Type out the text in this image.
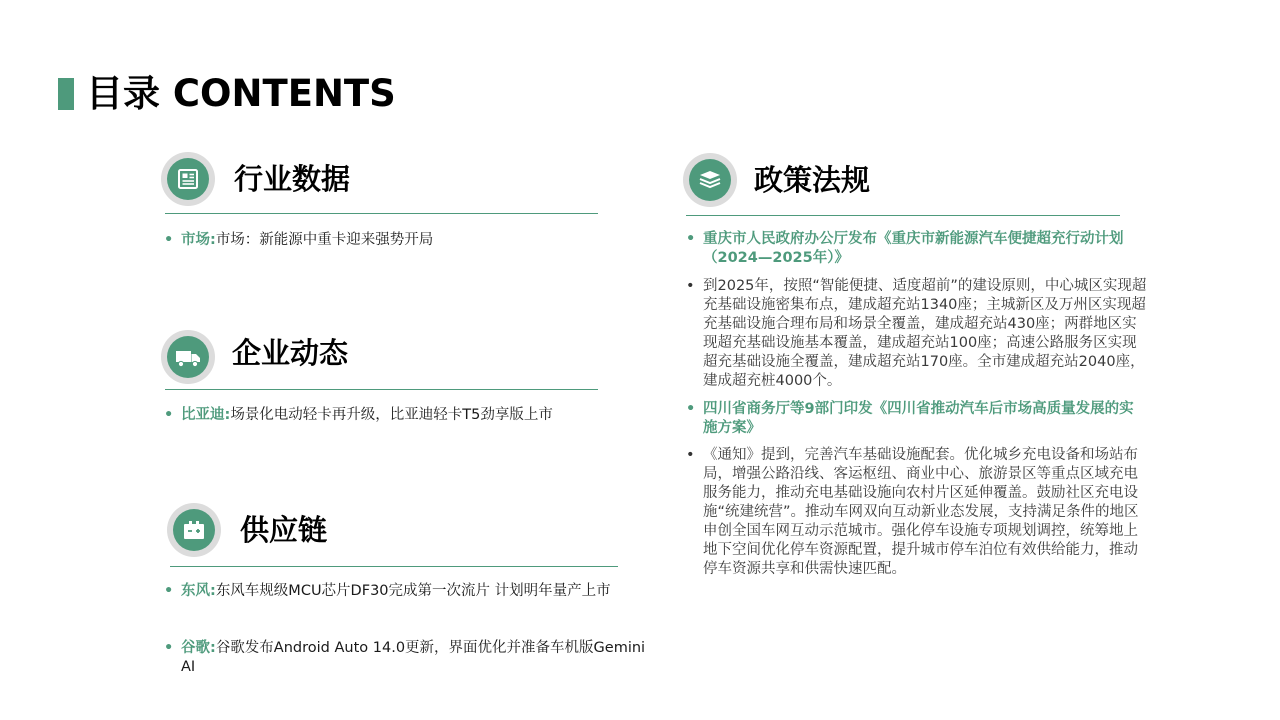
目录 CONTENTS
行业数据
• 市场:市场：新能源中重卡迎来强势开局
企业动态
• 比亚迪:场景化电动轻卡再升级，比亚迪轻卡T5劲享版上市
供应链
• 东风:东风车规级MCU芯片DF30完成第一次流片 计划明年量产上市
• 谷歌:谷歌发布Android Auto 14.0更新，界面优化并准备车机版Gemini AI
政策法规
• 重庆市人民政府办公厅发布《重庆市新能源汽车便捷超充行动计划（2024—2025年）》
• 到2025年，按照“智能便捷、适度超前”的建设原则，中心城区实现超充基础设施密集布点，建成超充站1340座；主城新区及万州区实现超充基础设施合理布局和场景全覆盖，建成超充站430座；两群地区实现超充基础设施基本覆盖，建成超充站100座；高速公路服务区实现超充基础设施全覆盖，建成超充站170座。全市建成超充站2040座，建成超充桩4000个。
• 四川省商务厅等9部门印发《四川省推动汽车后市场高质量发展的实施方案》
• 《通知》提到，完善汽车基础设施配套。优化城乡充电设备和场站布局，增强公路沿线、客运枢纽、商业中心、旅游景区等重点区域充电服务能力，推动充电基础设施向农村片区延伸覆盖。鼓励社区充电设施“统建统营”。推动车网双向互动新业态发展，支持满足条件的地区申创全国车网互动示范城市。强化停车设施专项规划调控，统筹地上地下空间优化停车资源配置，提升城市停车泊位有效供给能力，推动停车资源共享和供需快速匹配。
